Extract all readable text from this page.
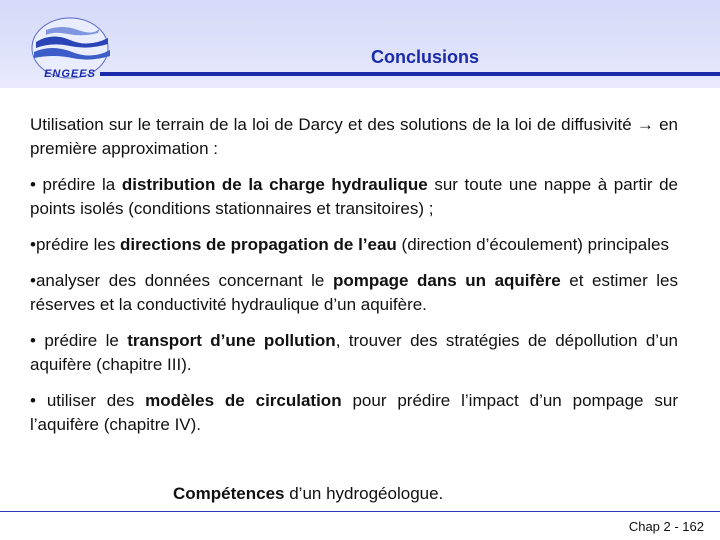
ENGEES
Conclusions

Utilisation sur le terrain de la loi de Darcy et des solutions de la loi de diffusivité → en première approximation :

• prédire la distribution de la charge hydraulique sur toute une nappe à partir de points isolés (conditions stationnaires et transitoires) ;

•prédire les directions de propagation de l’eau (direction d’écoulement) principales

•analyser des données concernant le pompage dans un aquifère et estimer les réserves et la conductivité hydraulique d’un aquifère.

• prédire le transport d’une pollution, trouver des stratégies de dépollution d’un aquifère (chapitre III).

• utiliser des modèles de circulation pour prédire l’impact d’un pompage sur l’aquifère (chapitre IV).

Compétences d’un hydrogéologue.
Chap 2 - 162
